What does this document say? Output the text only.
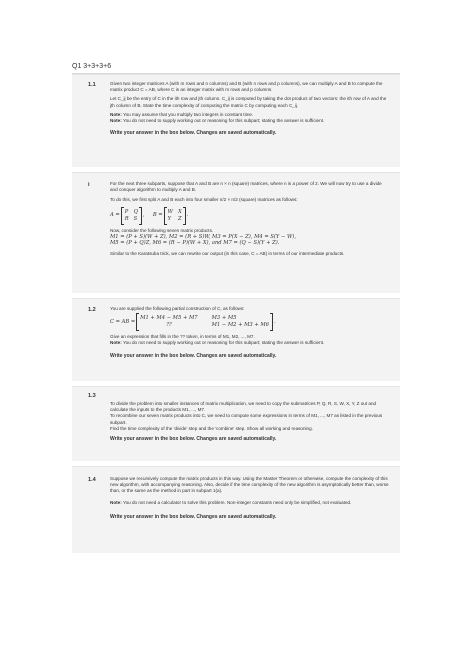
Q1 3+3+3+6
1.1	Given two integer matrices A (with m rows and n columns) and B (with n rows and p columns), we can multiply A and B to compute the matrix product C = AB, where C is an integer matrix with m rows and p columns.

Let C_ij be the entry of C in the ith row and jth column. C_ij is computed by taking the dot product of two vectors: the ith row of A and the jth column of B. State the time complexity of computing the matrix C by computing each C_ij.

Note: You may assume that you multiply two integers in constant time.

Note: You do not need to supply working out or reasoning for this subpart; stating the answer is sufficient.

Write your answer in the box below. Changes are saved automatically.

i	For the next three subparts, suppose that A and B are n × n (square) matrices, where n is a power of 2. We will now try to use a divide and conquer algorithm to multiply A and B.

To do this, we first split A and B each into four smaller n/2 × n/2 (square) matrices as follows:

A =
P Q
R S
, B =
W X
Y	Z
.

Now, consider the following seven matrix products.

M1 = (P + S)(W + Z), M2 = (R + S)W, M3 = P(X − Z), M4 = S(Y − W),
M5 = (P + Q)Z, M6 = (R − P)(W + X), and M7 = (Q − S)(Y + Z).

Similar to the Karatsuba trick, we can rewrite our output (in this case, C = AB) in terms of our intermediate products.

1.2	You are supplied the following partial construction of C, as follows:

C = AB =
M1 + M4 − M5 + M7	M3 + M5
??	M1 − M2 + M3 + M6
.

Give an expression that fills in the ?? token, in terms of M1, M2, ..., M7.

Note: You do not need to supply working out or reasoning for this subpart; stating the answer is sufficient.

Write your answer in the box below. Changes are saved automatically.

1.3

To divide the problem into smaller instances of matrix multiplication, we need to copy the submatrices P, Q, R, S, W, X, Y, Z out and calculate the inputs to the products M1, ..., M7.

To recombine our seven matrix products into C, we need to compute some expressions in terms of M1, ..., M7 as listed in the previous subpart.

Find the time complexity of the 'divide' step and the 'combine' step. Show all working and reasoning.

Write your answer in the box below. Changes are saved automatically.

1.4	Suppose we recursively compute the matrix products in this way. Using the Master Theorem or otherwise, compute the complexity of this new algorithm, with accompanying reasoning. Also, decide if the time complexity of the new algorithm is asymptotically better than, worse than, or the same as the method in part in subpart 1(a).

Note: You do not need a calculator to solve this problem. Non-integer constants need only be simplified, not evaluated.

Write your answer in the box below. Changes are saved automatically.
